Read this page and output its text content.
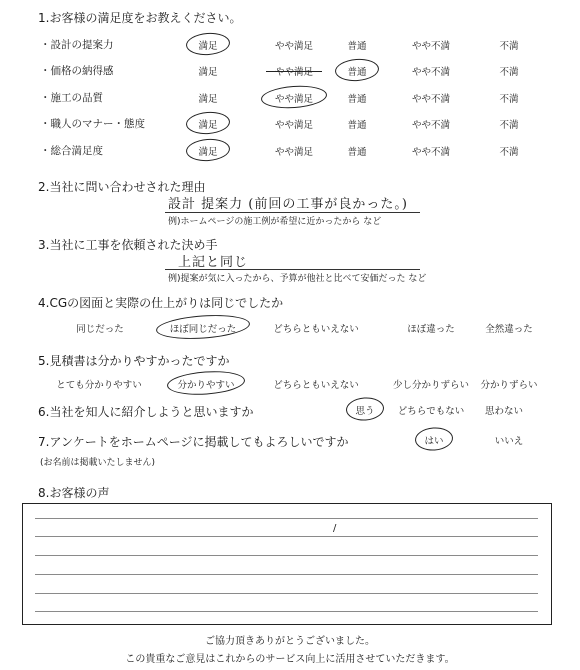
1.お客様の満足度をお教えください。
・設計の提案力	満足	やや満足	普通	やや不満	不満
・価格の納得感	満足	やや満足	普通	やや不満	不満
・施工の品質	満足	やや満足	普通	やや不満	不満
・職人のマナー・態度	満足	やや満足	普通	やや不満	不満
・総合満足度	満足	やや満足	普通	やや不満	不満
2.当社に問い合わせされた理由
設計 提案力 (前回の工事が良かった。)
例)ホームページの施工例が希望に近かったから など
3.当社に工事を依頼された決め手
上記と同じ
例)提案が気に入ったから、予算が他社と比べて安価だった など
4.CGの図面と実際の仕上がりは同じでしたか
同じだった	ほぼ同じだった	どちらともいえない	ほぼ違った	全然違った
5.見積書は分かりやすかったですか
とても分かりやすい	分かりやすい	どちらともいえない	少し分かりずらい 分かりずらい
6.当社を知人に紹介しようと思いますか	思う どちらでもない 思わない
7.アンケートをホームページに掲載してもよろしいですか
(お名前は掲載いたしません)
はい	いいえ
8.お客様の声
/
ご協力頂きありがとうございました。
この貴重なご意見はこれからのサービス向上に活用させていただきます。
